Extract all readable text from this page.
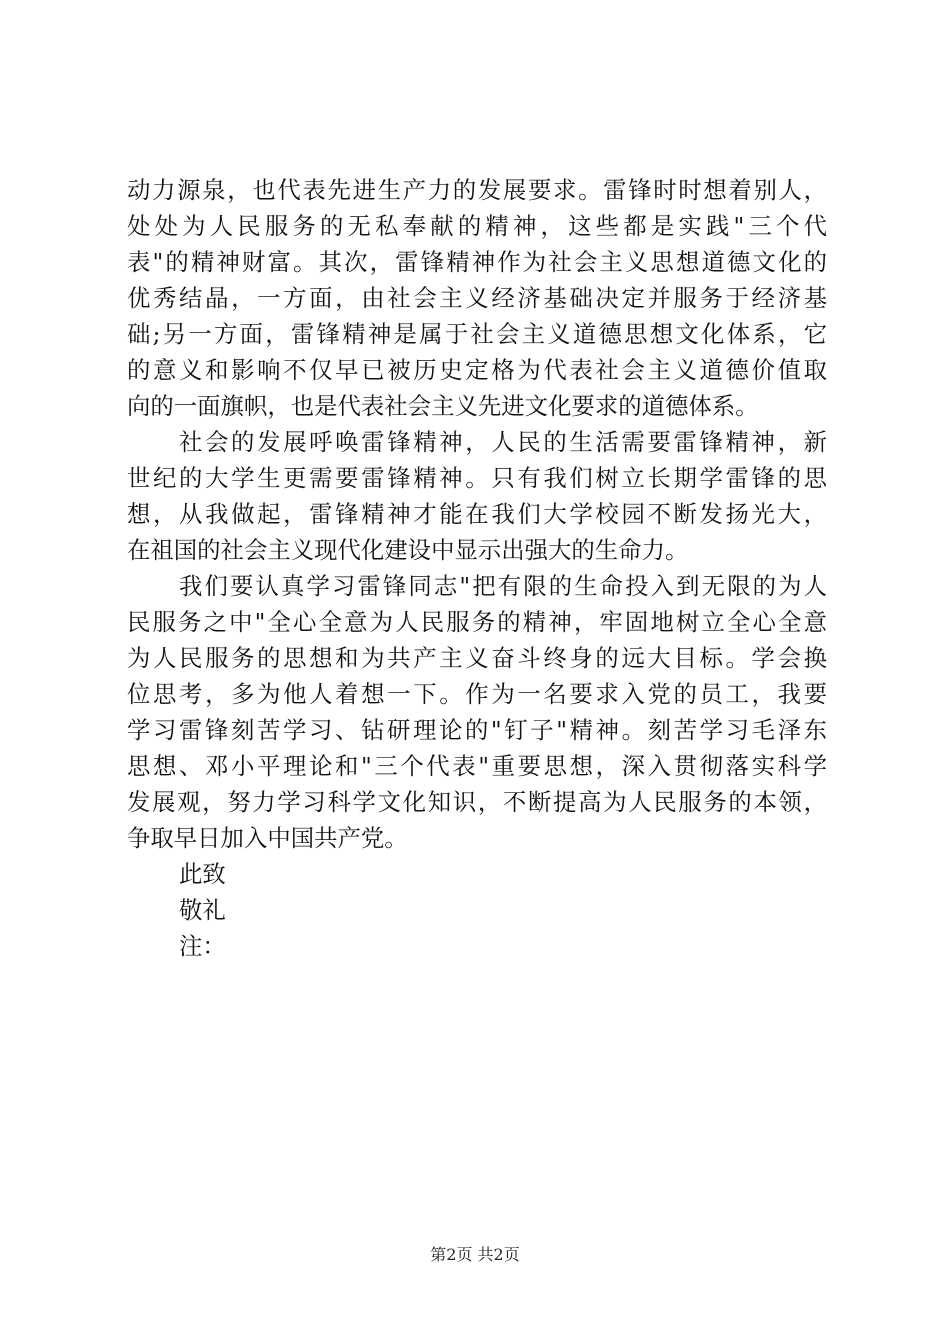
动力源泉，也代表先进生产力的发展要求。雷锋时时想着别人，
处处为人民服务的无私奉献的精神，这些都是实践"三个代
表"的精神财富。其次，雷锋精神作为社会主义思想道德文化的
优秀结晶，一方面，由社会主义经济基础决定并服务于经济基
础;另一方面，雷锋精神是属于社会主义道德思想文化体系，它
的意义和影响不仅早已被历史定格为代表社会主义道德价值取
向的一面旗帜，也是代表社会主义先进文化要求的道德体系。
社会的发展呼唤雷锋精神，人民的生活需要雷锋精神，新
世纪的大学生更需要雷锋精神。只有我们树立长期学雷锋的思
想，从我做起，雷锋精神才能在我们大学校园不断发扬光大，
在祖国的社会主义现代化建设中显示出强大的生命力。
我们要认真学习雷锋同志"把有限的生命投入到无限的为人
民服务之中"全心全意为人民服务的精神，牢固地树立全心全意
为人民服务的思想和为共产主义奋斗终身的远大目标。学会换
位思考，多为他人着想一下。作为一名要求入党的员工，我要
学习雷锋刻苦学习、钻研理论的"钉子"精神。刻苦学习毛泽东
思想、邓小平理论和"三个代表"重要思想，深入贯彻落实科学
发展观，努力学习科学文化知识，不断提高为人民服务的本领，
争取早日加入中国共产党。
此致
敬礼
注：
第2页 共2页
